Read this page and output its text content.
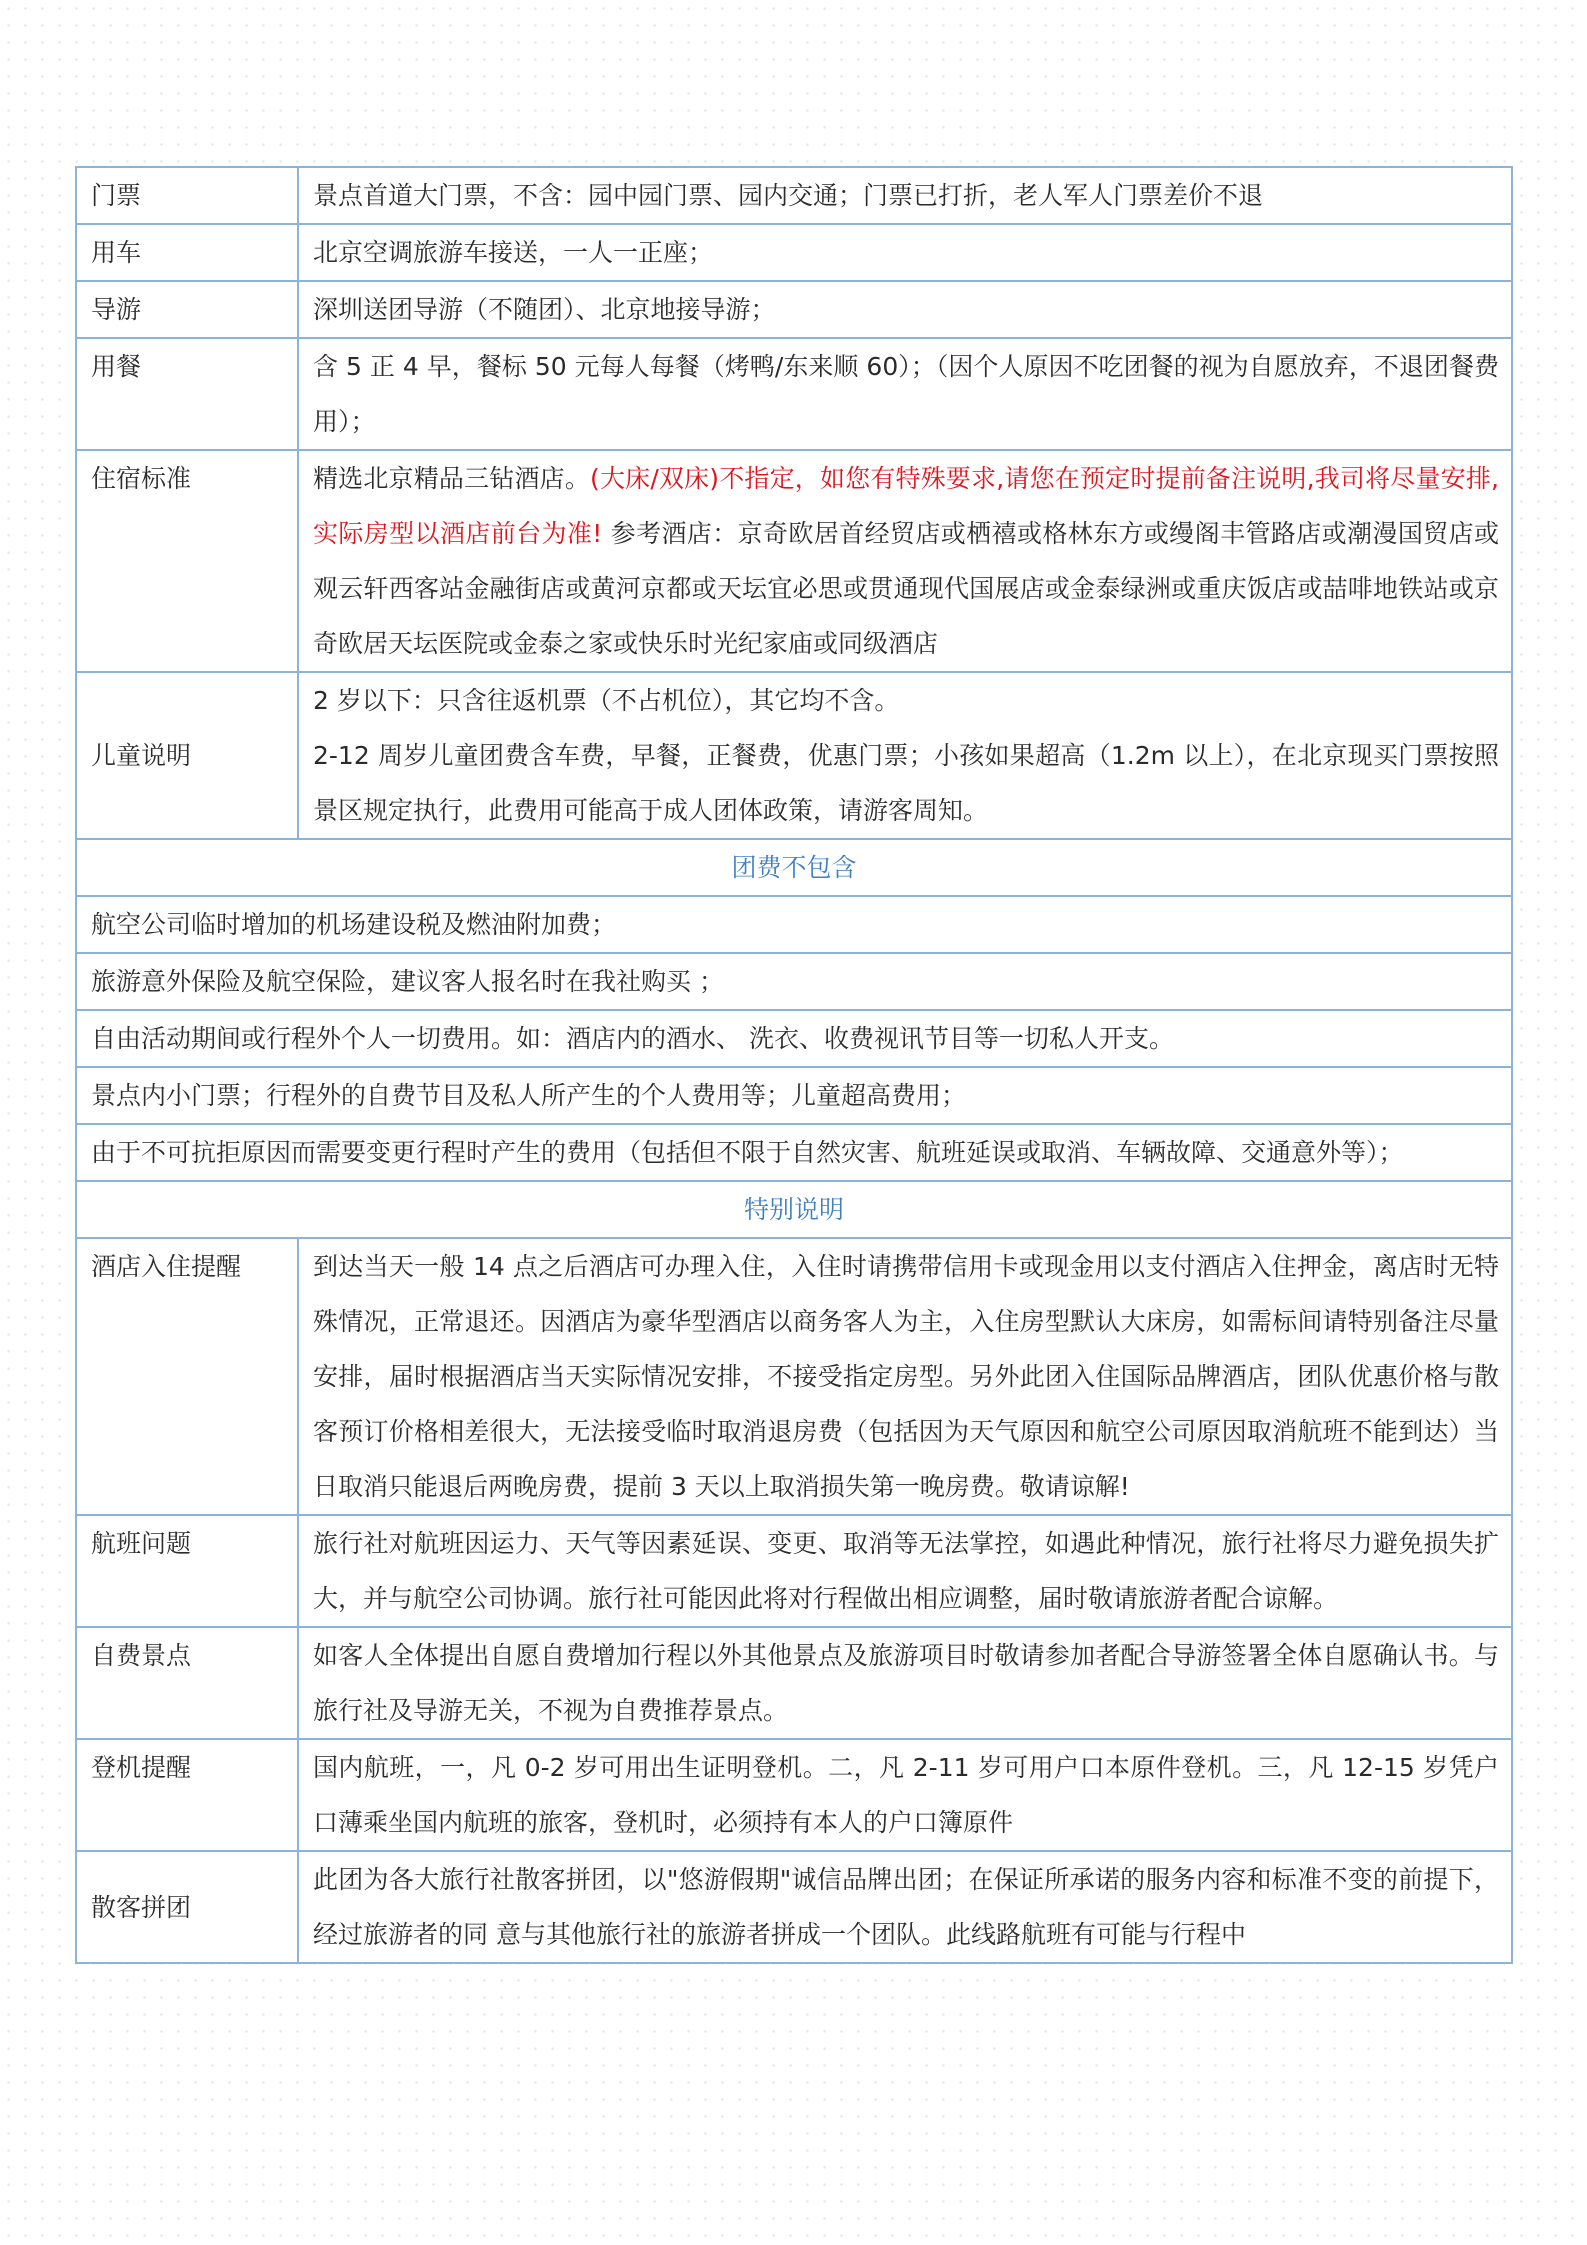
门票	景点首道大门票，不含：园中园门票、园内交通；门票已打折，老人军人门票差价不退
用车	北京空调旅游车接送，一人一正座；
导游	深圳送团导游（不随团）、北京地接导游；
用餐	含 5 正 4 早，餐标 50 元每人每餐（烤鸭/东来顺 60）；（因个人原因不吃团餐的视为自愿放弃，不退团餐费用）；
住宿标准	精选北京精品三钻酒店。(大床/双床)不指定，如您有特殊要求,请您在预定时提前备注说明,我司将尽量安排,实际房型以酒店前台为准! 参考酒店：京奇欧居首经贸店或栖禧或格林东方或缦阁丰管路店或潮漫国贸店或观云轩西客站金融街店或黄河京都或天坛宜必思或贯通现代国展店或金泰绿洲或重庆饭店或喆啡地铁站或京奇欧居天坛医院或金泰之家或快乐时光纪家庙或同级酒店
儿童说明	2 岁以下：只含往返机票（不占机位），其它均不含。
2-12 周岁儿童团费含车费，早餐，正餐费，优惠门票；小孩如果超高（1.2m 以上），在北京现买门票按照景区规定执行，此费用可能高于成人团体政策，请游客周知。

团费不包含	
航空公司临时增加的机场建设税及燃油附加费；	
旅游意外保险及航空保险，建议客人报名时在我社购买 ；	
自由活动期间或行程外个人一切费用。如：酒店内的酒水、 洗衣、收费视讯节目等一切私人开支。	
景点内小门票；行程外的自费节目及私人所产生的个人费用等；儿童超高费用；	
由于不可抗拒原因而需要变更行程时产生的费用（包括但不限于自然灾害、航班延误或取消、车辆故障、交通意外等）；	
特别说明	
酒店入住提醒	到达当天一般 14 点之后酒店可办理入住，入住时请携带信用卡或现金用以支付酒店入住押金，离店时无特殊情况，正常退还。因酒店为豪华型酒店以商务客人为主，入住房型默认大床房，如需标间请特别备注尽量安排，届时根据酒店当天实际情况安排，不接受指定房型。另外此团入住国际品牌酒店，团队优惠价格与散客预订价格相差很大，无法接受临时取消退房费（包括因为天气原因和航空公司原因取消航班不能到达）当日取消只能退后两晚房费，提前 3 天以上取消损失第一晚房费。敬请谅解!
航班问题	旅行社对航班因运力、天气等因素延误、变更、取消等无法掌控，如遇此种情况，旅行社将尽力避免损失扩大，并与航空公司协调。旅行社可能因此将对行程做出相应调整，届时敬请旅游者配合谅解。
自费景点	如客人全体提出自愿自费增加行程以外其他景点及旅游项目时敬请参加者配合导游签署全体自愿确认书。与旅行社及导游无关，不视为自费推荐景点。
登机提醒	国内航班，一，凡 0-2 岁可用出生证明登机。二，凡 2-11 岁可用户口本原件登机。三，凡 12-15 岁凭户口薄乘坐国内航班的旅客，登机时，必须持有本人的户口簿原件
散客拼团	此团为各大旅行社散客拼团，以"悠游假期"诚信品牌出团；在保证所承诺的服务内容和标准不变的前提下，经过旅游者的同 意与其他旅行社的旅游者拼成一个团队。此线路航班有可能与行程中
